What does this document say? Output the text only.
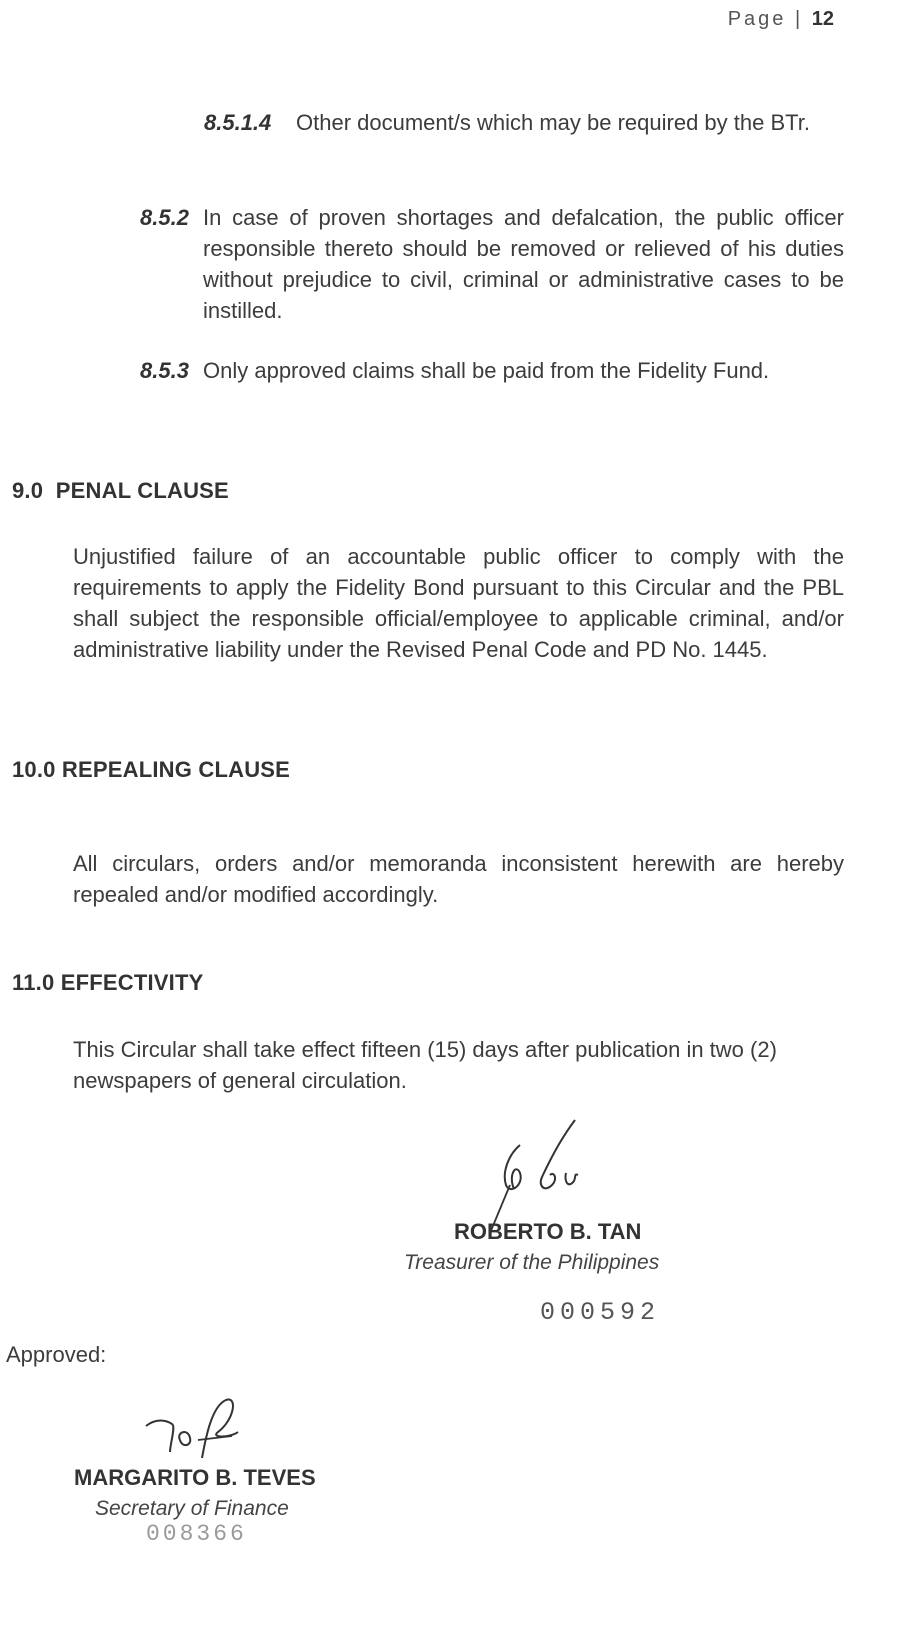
Page | 12
8.5.1.4 Other document/s which may be required by the BTr.
8.5.2 In case of proven shortages and defalcation, the public officer responsible thereto should be removed or relieved of his duties without prejudice to civil, criminal or administrative cases to be instilled.
8.5.3 Only approved claims shall be paid from the Fidelity Fund.
9.0  PENAL CLAUSE
Unjustified failure of an accountable public officer to comply with the requirements to apply the Fidelity Bond pursuant to this Circular and the PBL shall subject the responsible official/employee to applicable criminal, and/or administrative liability under the Revised Penal Code and PD No. 1445.
10.0 REPEALING CLAUSE
All circulars, orders and/or memoranda inconsistent herewith are hereby repealed and/or modified accordingly.
11.0 EFFECTIVITY
This Circular shall take effect fifteen (15) days after publication in two (2) newspapers of general circulation.
ROBERTO B. TAN
Treasurer of the Philippines
000592
Approved:
MARGARITO B. TEVES
Secretary of Finance
008366
